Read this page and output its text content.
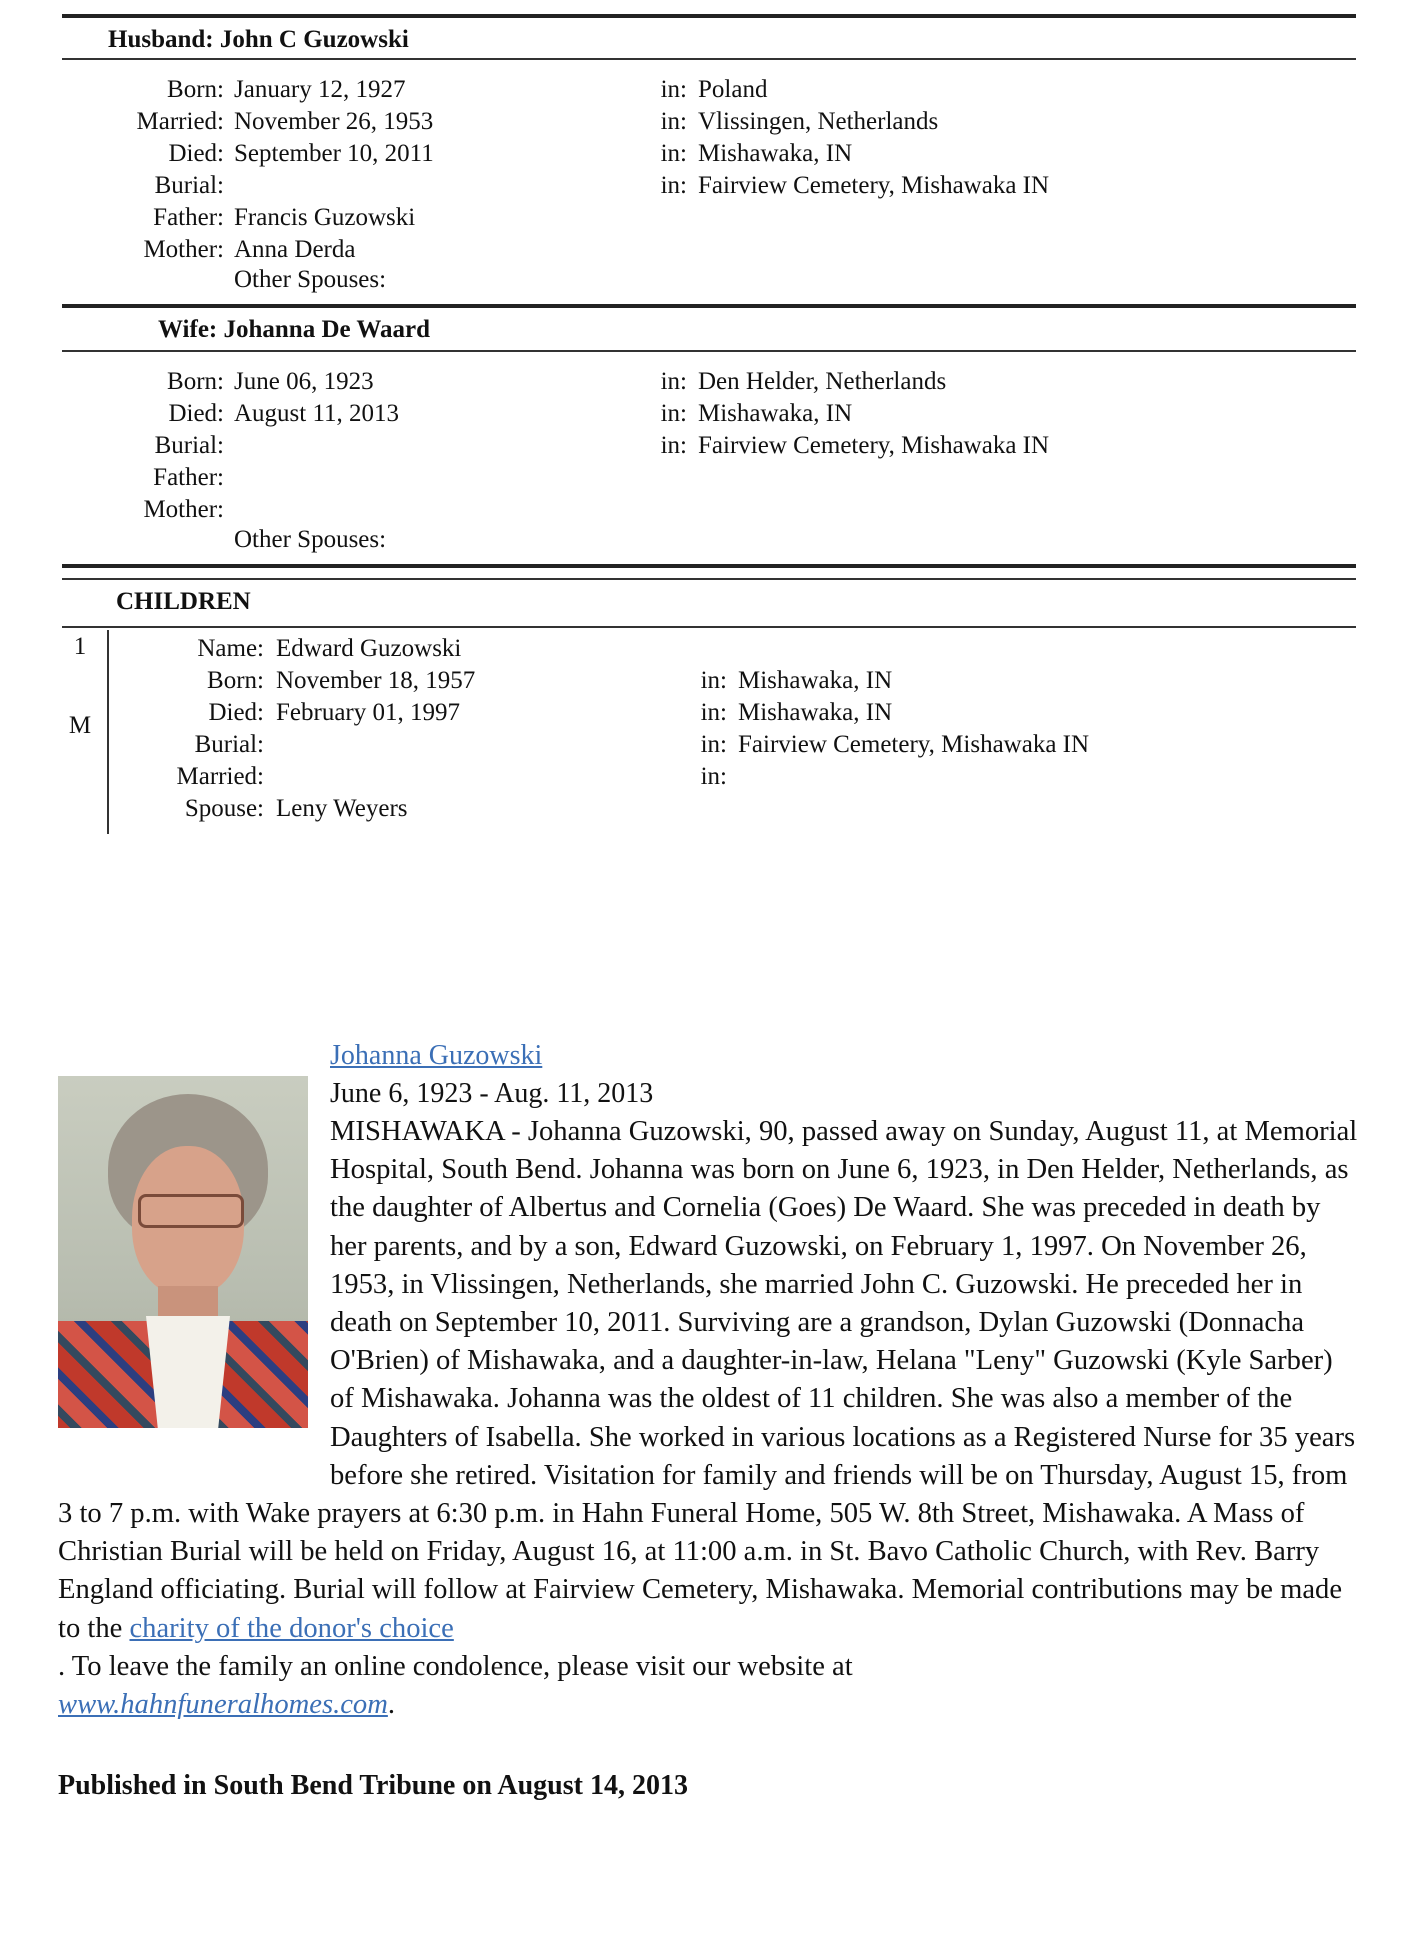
Husband: John C Guzowski
Born: January 12, 1927	in: Poland
Married: November 26, 1953	in: Vlissingen, Netherlands
Died: September 10, 2011	in: Mishawaka, IN
Burial:	in: Fairview Cemetery, Mishawaka IN
Father: Francis Guzowski
Mother: Anna Derda
Other Spouses:
Wife: Johanna De Waard
Born: June 06, 1923	in: Den Helder, Netherlands
Died: August 11, 2013	in: Mishawaka, IN
Burial:	in: Fairview Cemetery, Mishawaka IN
Father:
Mother:
Other Spouses:
CHILDREN
1
M
Name: Edward Guzowski
Born: November 18, 1957	in: Mishawaka, IN
Died: February 01, 1997	in: Mishawaka, IN
Burial:	in: Fairview Cemetery, Mishawaka IN
Married:	in:
Spouse: Leny Weyers
Johanna Guzowski
June 6, 1923 - Aug. 11, 2013
MISHAWAKA - Johanna Guzowski, 90, passed away on Sunday, August 11, at Memorial Hospital, South Bend. Johanna was born on June 6, 1923, in Den Helder, Netherlands, as the daughter of Albertus and Cornelia (Goes) De Waard. She was preceded in death by her parents, and by a son, Edward Guzowski, on February 1, 1997. On November 26, 1953, in Vlissingen, Netherlands, she married John C. Guzowski. He preceded her in death on September 10, 2011. Surviving are a grandson, Dylan Guzowski (Donnacha O'Brien) of Mishawaka, and a daughter-in-law, Helana "Leny" Guzowski (Kyle Sarber) of Mishawaka. Johanna was the oldest of 11 children. She was also a member of the Daughters of Isabella. She worked in various locations as a Registered Nurse for 35 years before she retired. Visitation for family and friends will be on Thursday, August 15, from 3 to 7 p.m. with Wake prayers at 6:30 p.m. in Hahn Funeral Home, 505 W. 8th Street, Mishawaka. A Mass of Christian Burial will be held on Friday, August 16, at 11:00 a.m. in St. Bavo Catholic Church, with Rev. Barry England officiating. Burial will follow at Fairview Cemetery, Mishawaka. Memorial contributions may be made to the charity of the donor's choice
. To leave the family an online condolence, please visit our website at
www.hahnfuneralhomes.com.
Published in South Bend Tribune on August 14, 2013
